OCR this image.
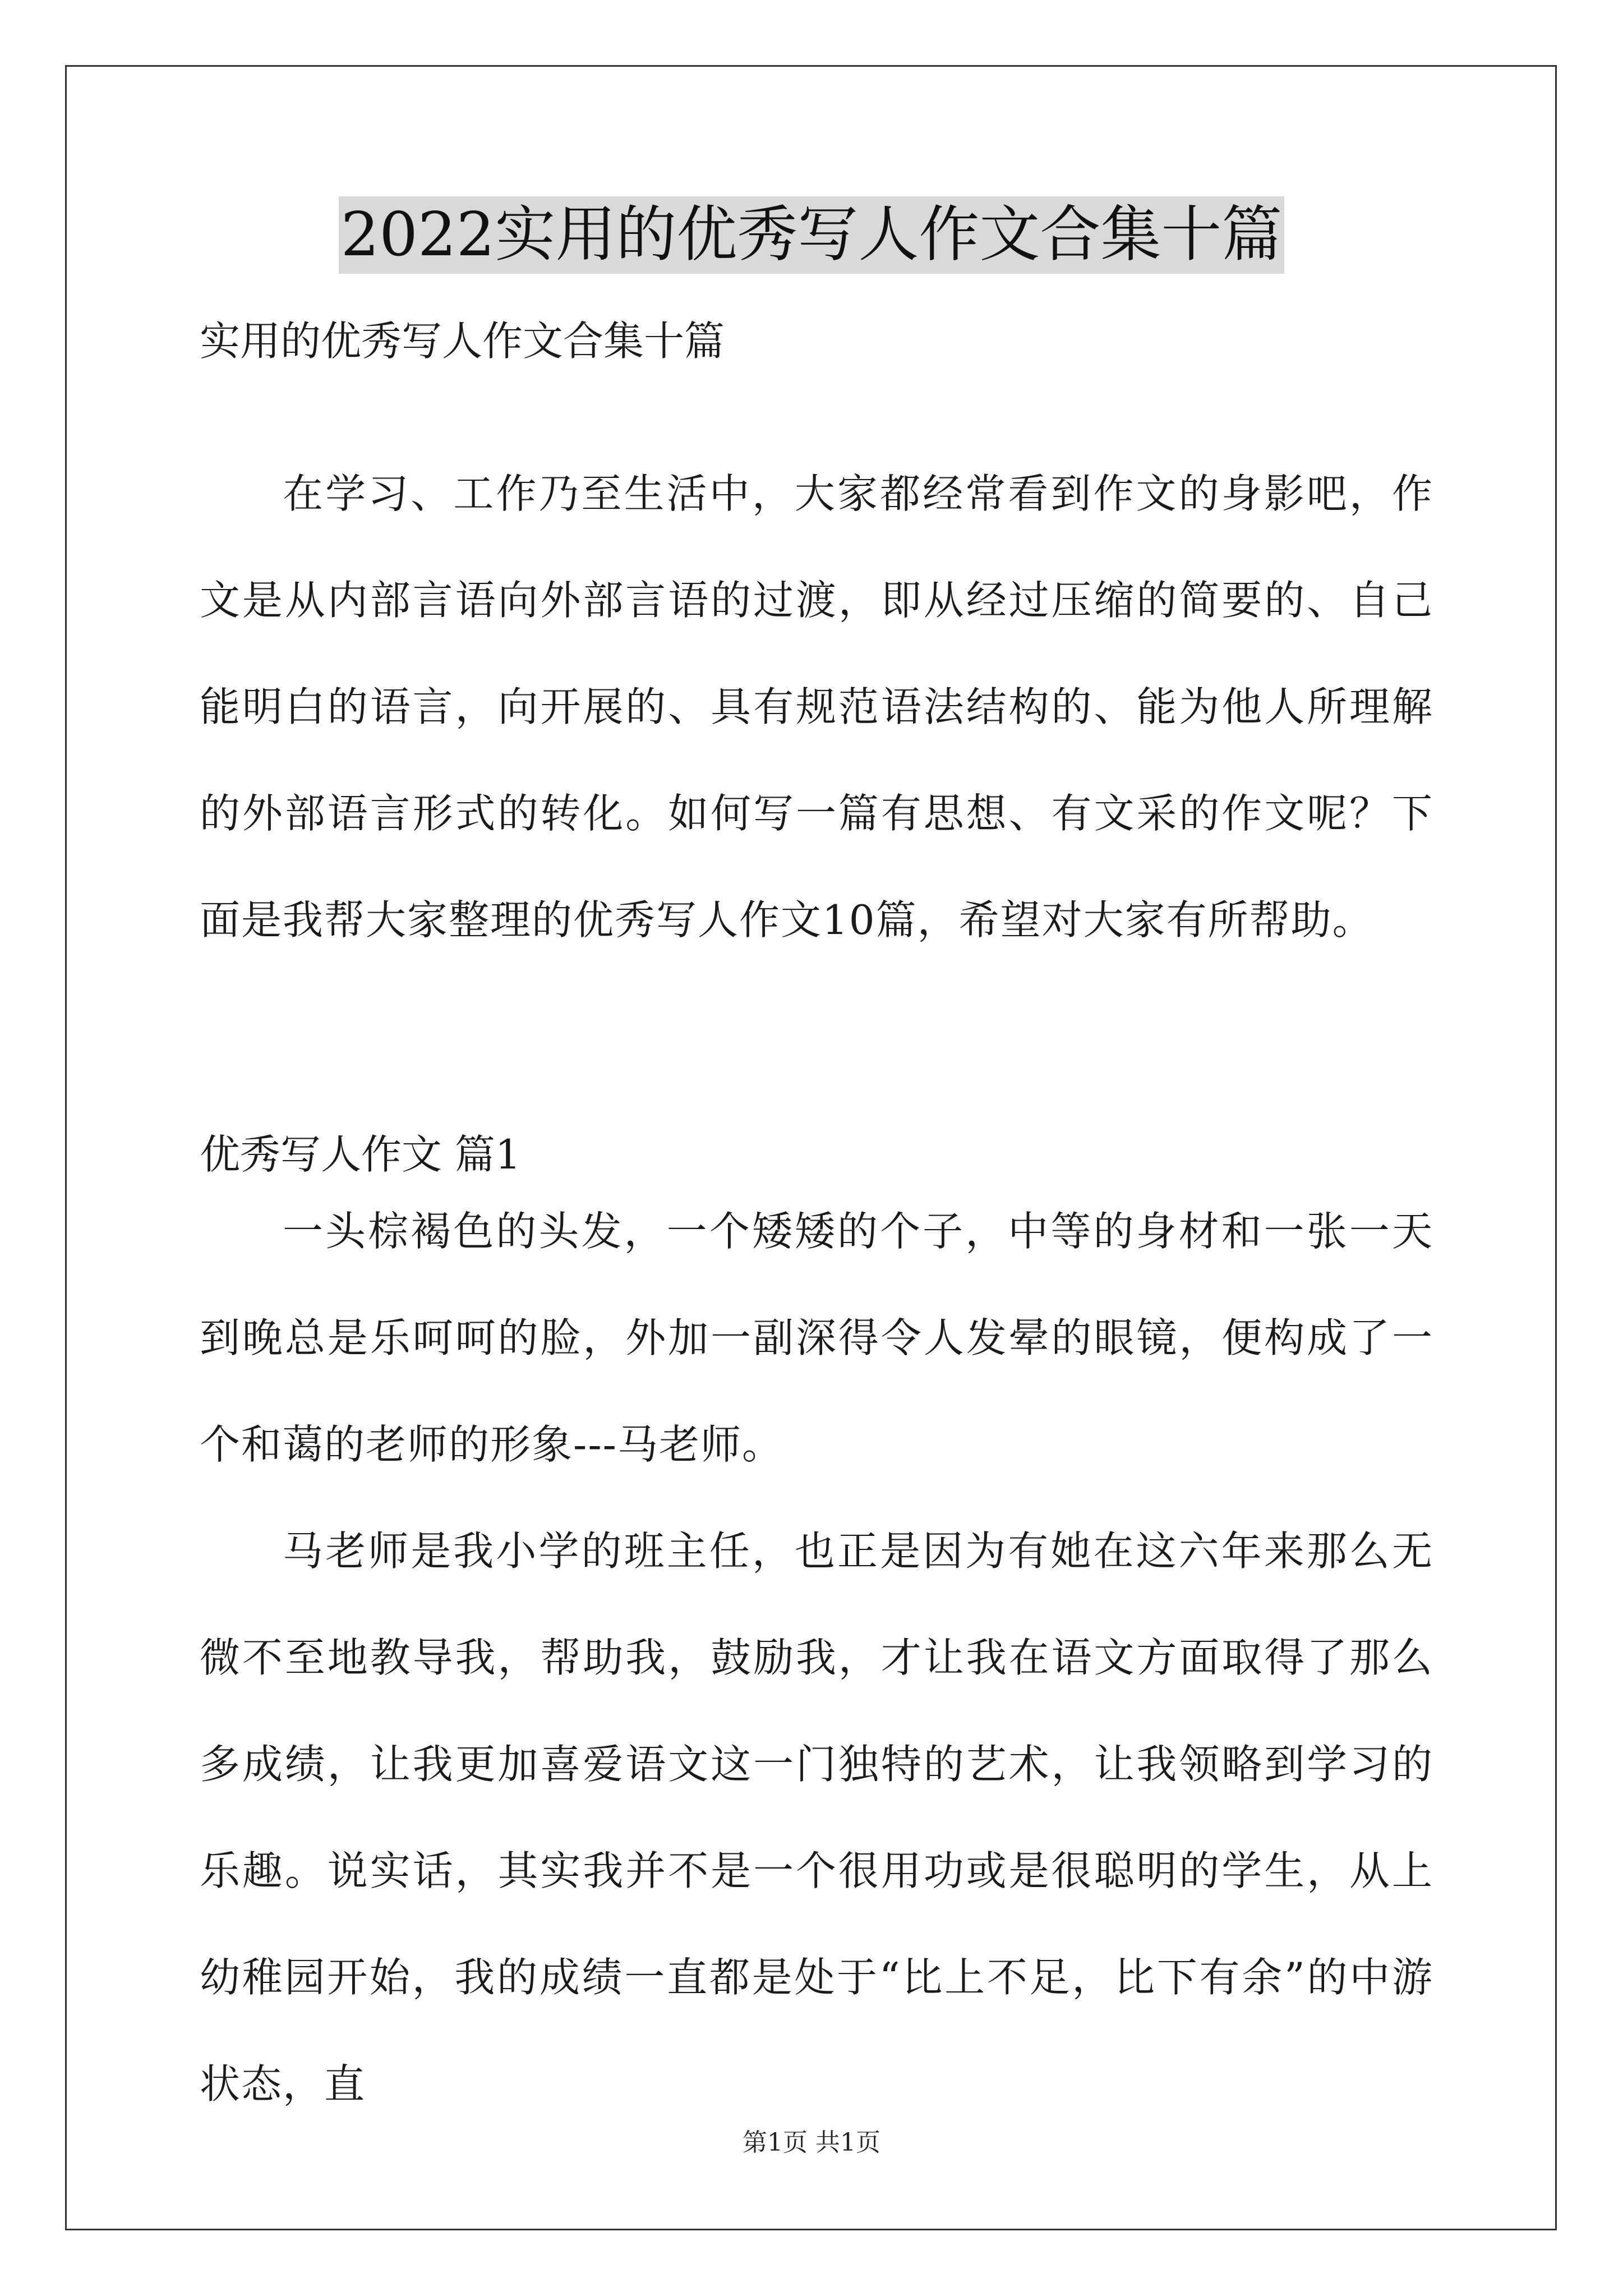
2022实用的优秀写人作文合集十篇

实用的优秀写人作文合集十篇

在学习、工作乃至生活中，大家都经常看到作文的身影吧，作文是从内部言语向外部言语的过渡，即从经过压缩的简要的、自己能明白的语言，向开展的、具有规范语法结构的、能为他人所理解的外部语言形式的转化。如何写一篇有思想、有文采的作文呢？下面是我帮大家整理的优秀写人作文10篇，希望对大家有所帮助。

优秀写人作文 篇1

一头棕褐色的头发，一个矮矮的个子，中等的身材和一张一天到晚总是乐呵呵的脸，外加一副深得令人发晕的眼镜，便构成了一个和蔼的老师的形象---马老师。

马老师是我小学的班主任，也正是因为有她在这六年来那么无微不至地教导我，帮助我，鼓励我，才让我在语文方面取得了那么多成绩，让我更加喜爱语文这一门独特的艺术，让我领略到学习的乐趣。说实话，其实我并不是一个很用功或是很聪明的学生，从上幼稚园开始，我的成绩一直都是处于“比上不足，比下有余”的中游状态，直

第1页 共1页
